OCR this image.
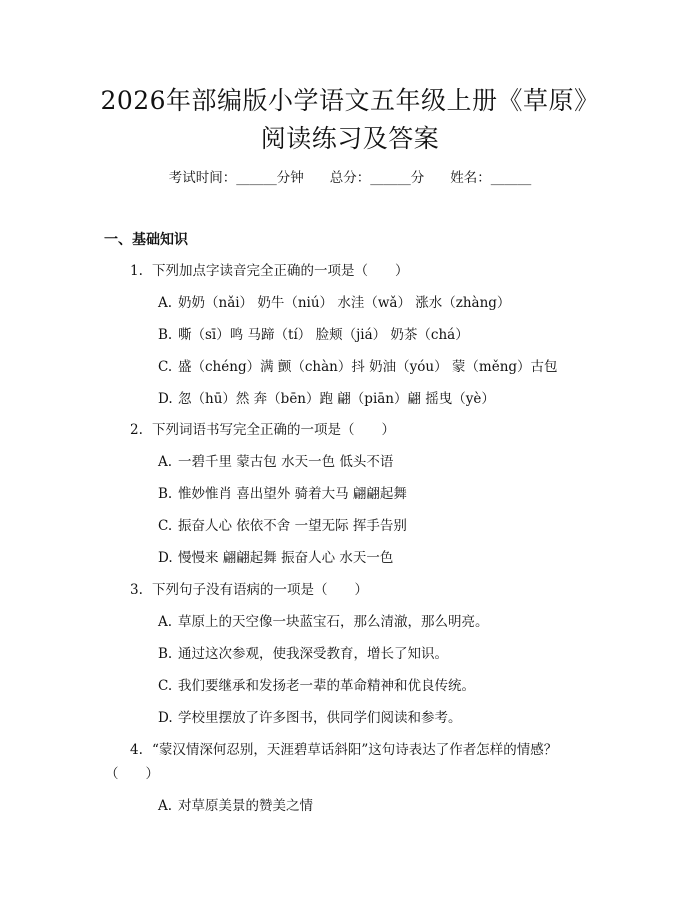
2026年部编版小学语文五年级上册《草原》
阅读练习及答案
考试时间：______分钟 总分：______分 姓名：______
一、基础知识
1. 下列加点字读音完全正确的一项是（　　）
A. 奶奶（nǎi） 奶牛（niú） 水洼（wǎ） 涨水（zhàng）
B. 嘶（sī）鸣 马蹄（tí） 脸颊（jiá） 奶茶（chá）
C. 盛（chéng）满 颤（chàn）抖 奶油（yóu） 蒙（měng）古包
D. 忽（hū）然 奔（bēn）跑 翩（piān）翩 摇曳（yè）
2. 下列词语书写完全正确的一项是（　　）
A. 一碧千里 蒙古包 水天一色 低头不语
B. 惟妙惟肖 喜出望外 骑着大马 翩翩起舞
C. 振奋人心 依依不舍 一望无际 挥手告别
D. 慢慢来 翩翩起舞 振奋人心 水天一色
3. 下列句子没有语病的一项是（　　）
A. 草原上的天空像一块蓝宝石，那么清澈，那么明亮。
B. 通过这次参观，使我深受教育，增长了知识。
C. 我们要继承和发扬老一辈的革命精神和优良传统。
D. 学校里摆放了许多图书，供同学们阅读和参考。
4. “蒙汉情深何忍别，天涯碧草话斜阳”这句诗表达了作者怎样的情感？
（　　）
A. 对草原美景的赞美之情
